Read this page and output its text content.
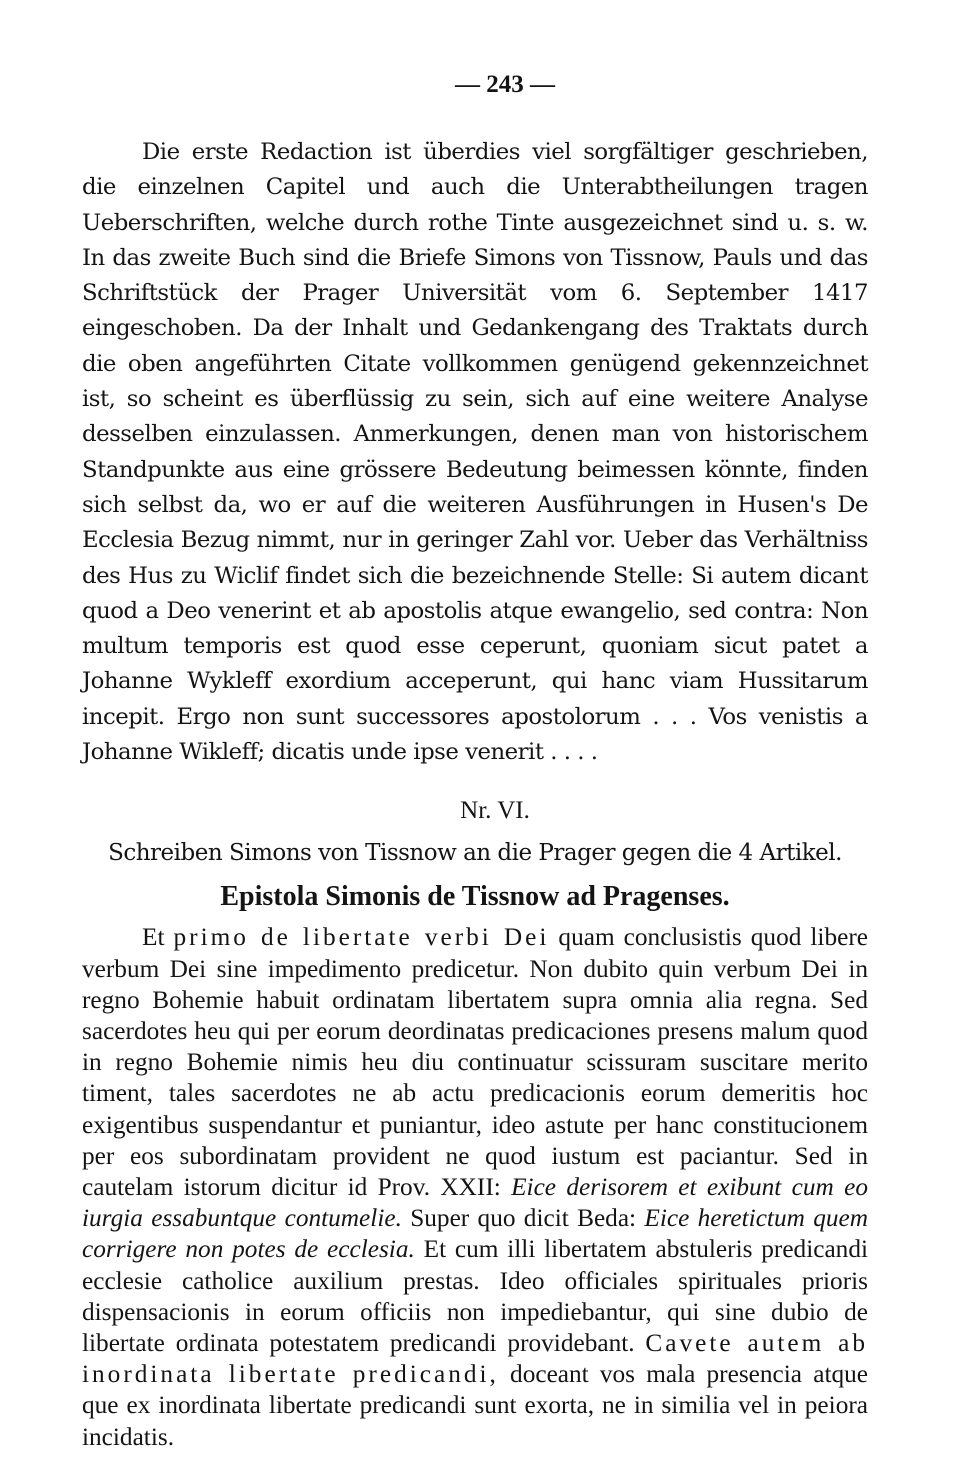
— 243 —

Die erste Redaction ist überdies viel sorgfältiger geschrieben, die einzelnen Capitel und auch die Unterabtheilungen tragen Ueberschriften, welche durch rothe Tinte ausgezeichnet sind u. s. w. In das zweite Buch sind die Briefe Simons von Tissnow, Pauls und das Schriftstück der Prager Universität vom 6. September 1417 eingeschoben. Da der Inhalt und Gedankengang des Traktats durch die oben angeführten Citate vollkommen genügend gekennzeichnet ist, so scheint es überflüssig zu sein, sich auf eine weitere Analyse desselben einzulassen. Anmerkungen, denen man von historischem Standpunkte aus eine grössere Bedeutung beimessen könnte, finden sich selbst da, wo er auf die weiteren Ausführungen in Husen's De Ecclesia Bezug nimmt, nur in geringer Zahl vor. Ueber das Verhältniss des Hus zu Wiclif findet sich die bezeichnende Stelle: Si autem dicant quod a Deo venerint et ab apostolis atque ewangelio, sed contra: Non multum temporis est quod esse ceperunt, quoniam sicut patet a Johanne Wykleff exordium acceperunt, qui hanc viam Hussitarum incepit. Ergo non sunt successores apostolorum . . . Vos venistis a Johanne Wikleff; dicatis unde ipse venerit . . . .

Nr. VI.
Schreiben Simons von Tissnow an die Prager gegen die 4 Artikel.
Epistola Simonis de Tissnow ad Pragenses.

Et primo de libertate verbi Dei quam conclusistis quod libere verbum Dei sine impedimento predicetur. Non dubito quin verbum Dei in regno Bohemie habuit ordinatam libertatem supra omnia alia regna. Sed sacerdotes heu qui per eorum deordinatas predicaciones presens malum quod in regno Bohemie nimis heu diu continuatur scissuram suscitare merito timent, tales sacerdotes ne ab actu predicacionis eorum demeritis hoc exigentibus suspendantur et puniantur, ideo astute per hanc constitucionem per eos subordinatam provident ne quod iustum est paciantur. Sed in cautelam istorum dicitur id Prov. XXII: Eice derisorem et exibunt cum eo iurgia essabuntque contumelie. Super quo dicit Beda: Eice heretictum quem corrigere non potes de ecclesia. Et cum illi libertatem abstuleris predicandi ecclesie catholice auxilium prestas. Ideo officiales spirituales prioris dispensacionis in eorum officiis non impediebantur, qui sine dubio de libertate ordinata potestatem predicandi providebant. Cavete autem ab inordinata libertate predicandi, doceant vos mala presencia atque que ex inordinata libertate predicandi sunt exorta, ne in similia vel in peiora incidatis.
